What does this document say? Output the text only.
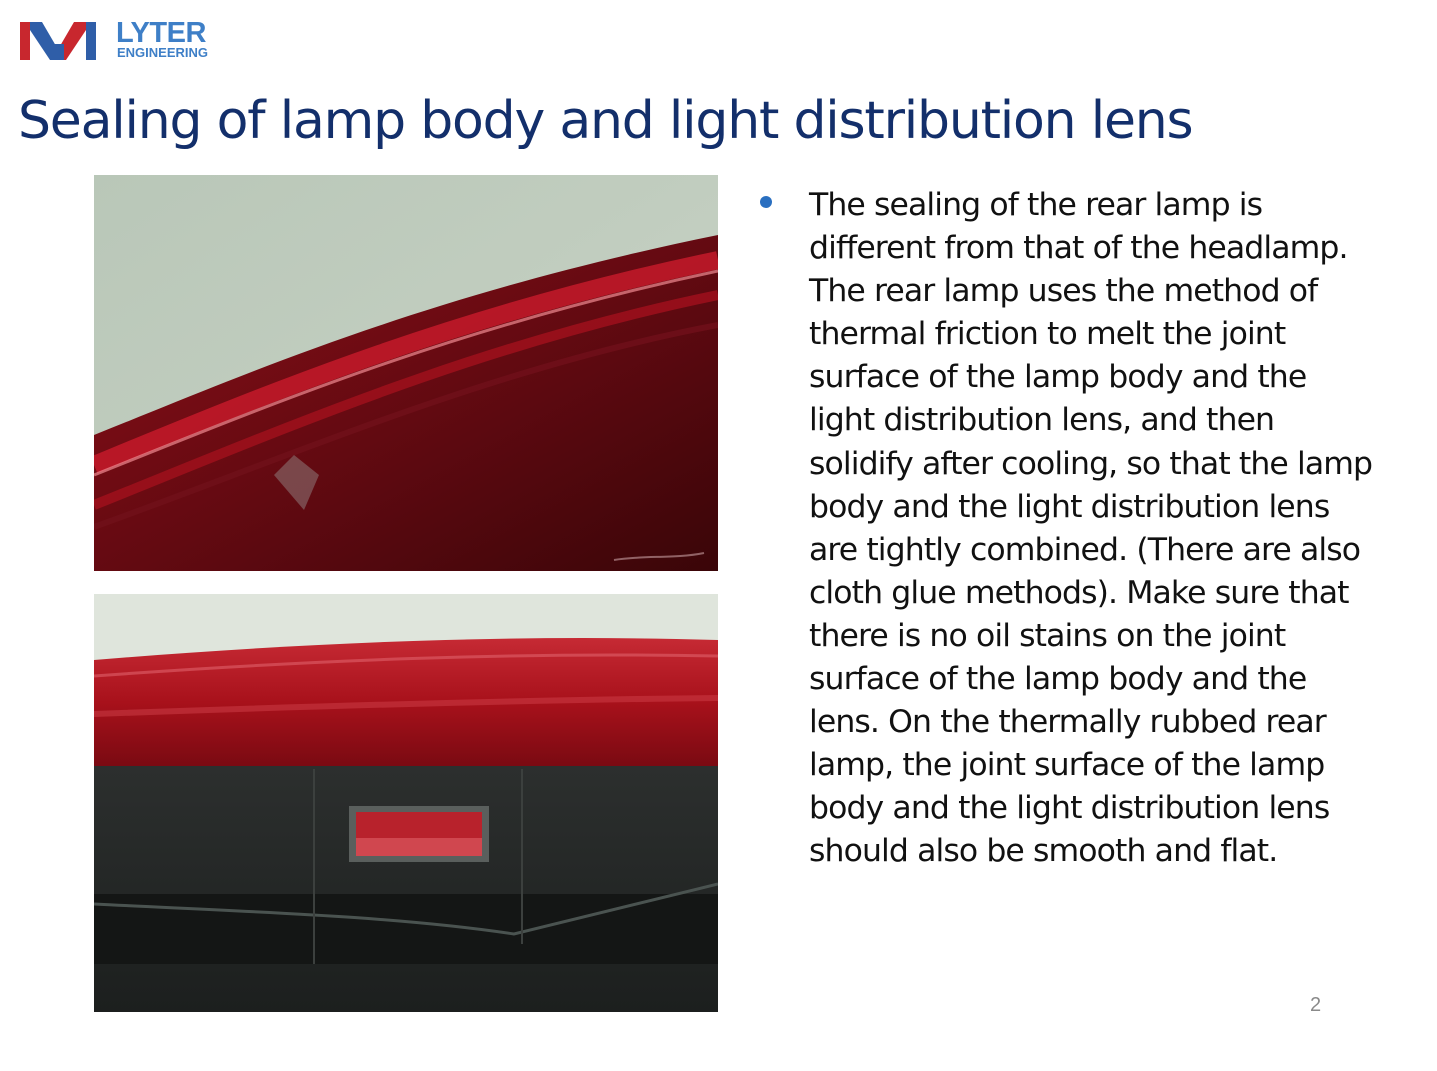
LYTER
ENGINEERING
Sealing of lamp body and light distribution lens

The sealing of the rear lamp is different from that of the headlamp. The rear lamp uses the method of thermal friction to melt the joint surface of the lamp body and the light distribution lens, and then solidify after cooling, so that the lamp body and the light distribution lens are tightly combined. (There are also cloth glue methods). Make sure that there is no oil stains on the joint surface of the lamp body and the lens. On the thermally rubbed rear lamp, the joint surface of the lamp body and the light distribution lens should also be smooth and flat.

2
